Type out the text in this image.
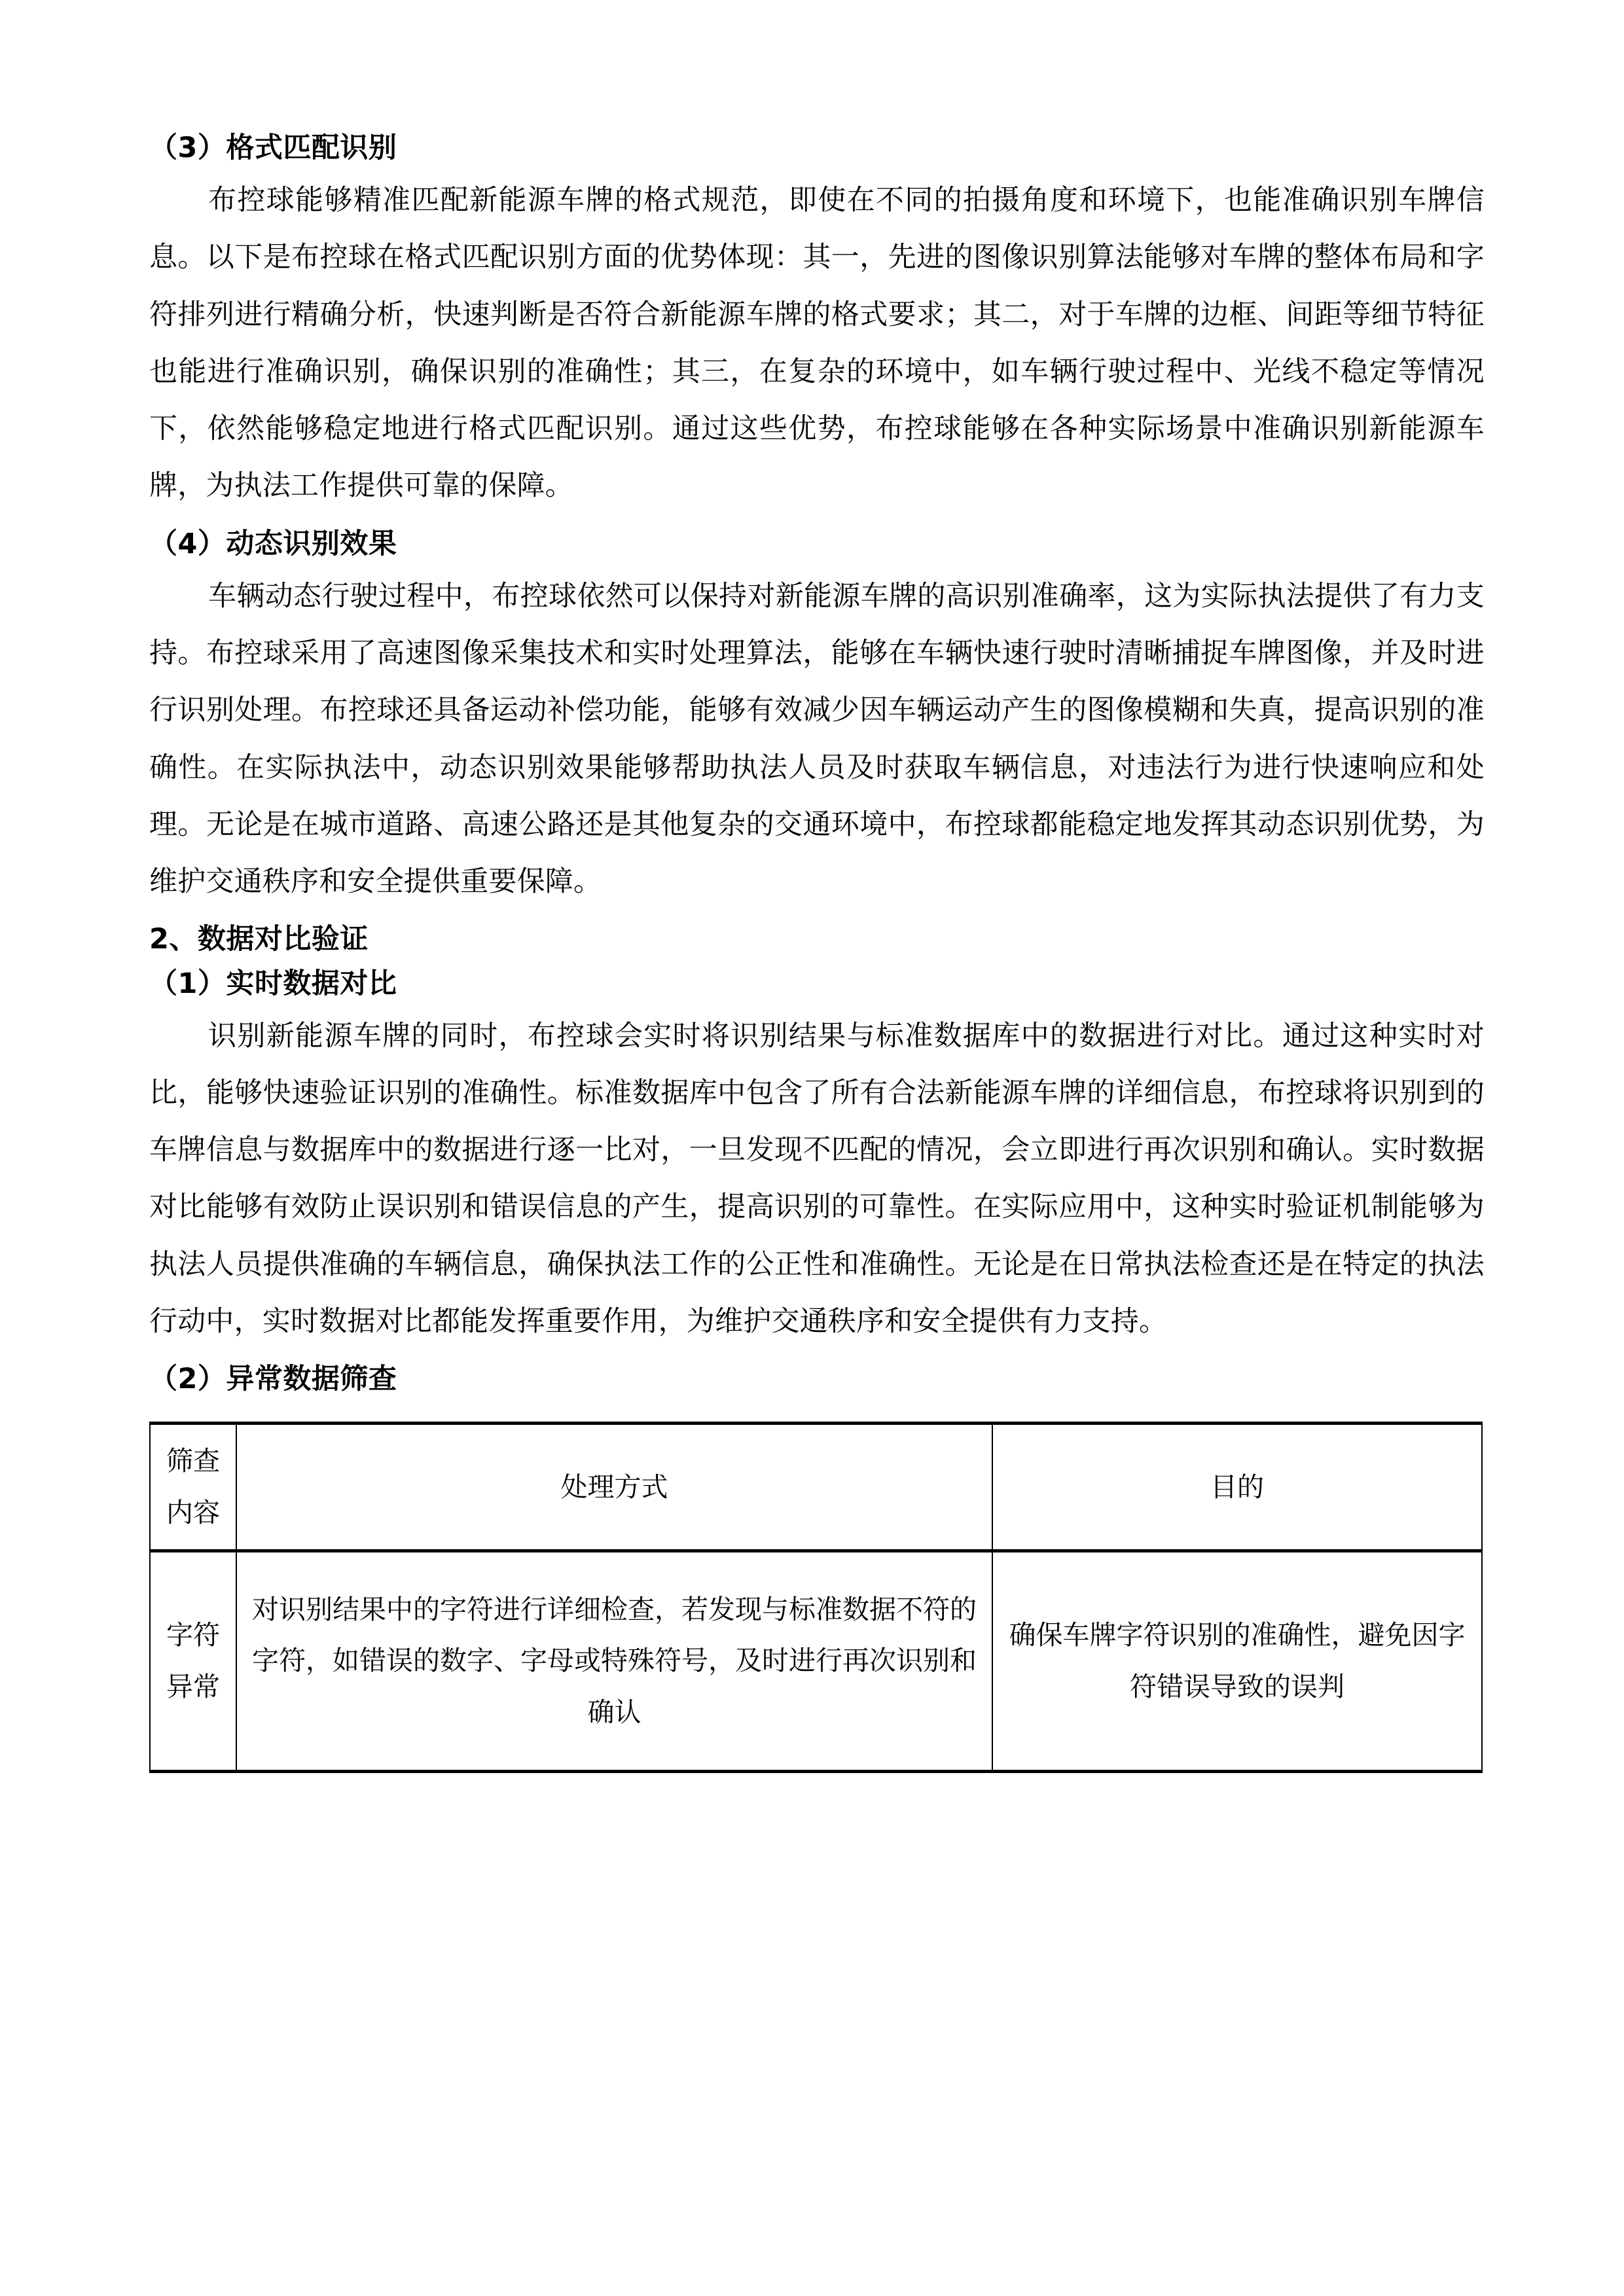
（3）格式匹配识别

布控球能够精准匹配新能源车牌的格式规范，即使在不同的拍摄角度和环境下，也能准确识别车牌信息。以下是布控球在格式匹配识别方面的优势体现：其一，先进的图像识别算法能够对车牌的整体布局和字符排列进行精确分析，快速判断是否符合新能源车牌的格式要求；其二，对于车牌的边框、间距等细节特征也能进行准确识别，确保识别的准确性；其三，在复杂的环境中，如车辆行驶过程中、光线不稳定等情况下，依然能够稳定地进行格式匹配识别。通过这些优势，布控球能够在各种实际场景中准确识别新能源车牌，为执法工作提供可靠的保障。

（4）动态识别效果

车辆动态行驶过程中，布控球依然可以保持对新能源车牌的高识别准确率，这为实际执法提供了有力支持。布控球采用了高速图像采集技术和实时处理算法，能够在车辆快速行驶时清晰捕捉车牌图像，并及时进行识别处理。布控球还具备运动补偿功能，能够有效减少因车辆运动产生的图像模糊和失真，提高识别的准确性。在实际执法中，动态识别效果能够帮助执法人员及时获取车辆信息，对违法行为进行快速响应和处理。无论是在城市道路、高速公路还是其他复杂的交通环境中，布控球都能稳定地发挥其动态识别优势，为维护交通秩序和安全提供重要保障。

2、数据对比验证
（1）实时数据对比

识别新能源车牌的同时，布控球会实时将识别结果与标准数据库中的数据进行对比。通过这种实时对比，能够快速验证识别的准确性。标准数据库中包含了所有合法新能源车牌的详细信息，布控球将识别到的车牌信息与数据库中的数据进行逐一比对，一旦发现不匹配的情况，会立即进行再次识别和确认。实时数据对比能够有效防止误识别和错误信息的产生，提高识别的可靠性。在实际应用中，这种实时验证机制能够为执法人员提供准确的车辆信息，确保执法工作的公正性和准确性。无论是在日常执法检查还是在特定的执法行动中，实时数据对比都能发挥重要作用，为维护交通秩序和安全提供有力支持。

（2）异常数据筛查
筛查
内容	处理方式	目的

字符
异常	对识别结果中的字符进行详细检查，若发现与标准数据不符的字符，如错误的数字、字母或特殊符号，及时进行再次识别和确认	确保车牌字符识别的准确性，避免因字符错误导致的误判
